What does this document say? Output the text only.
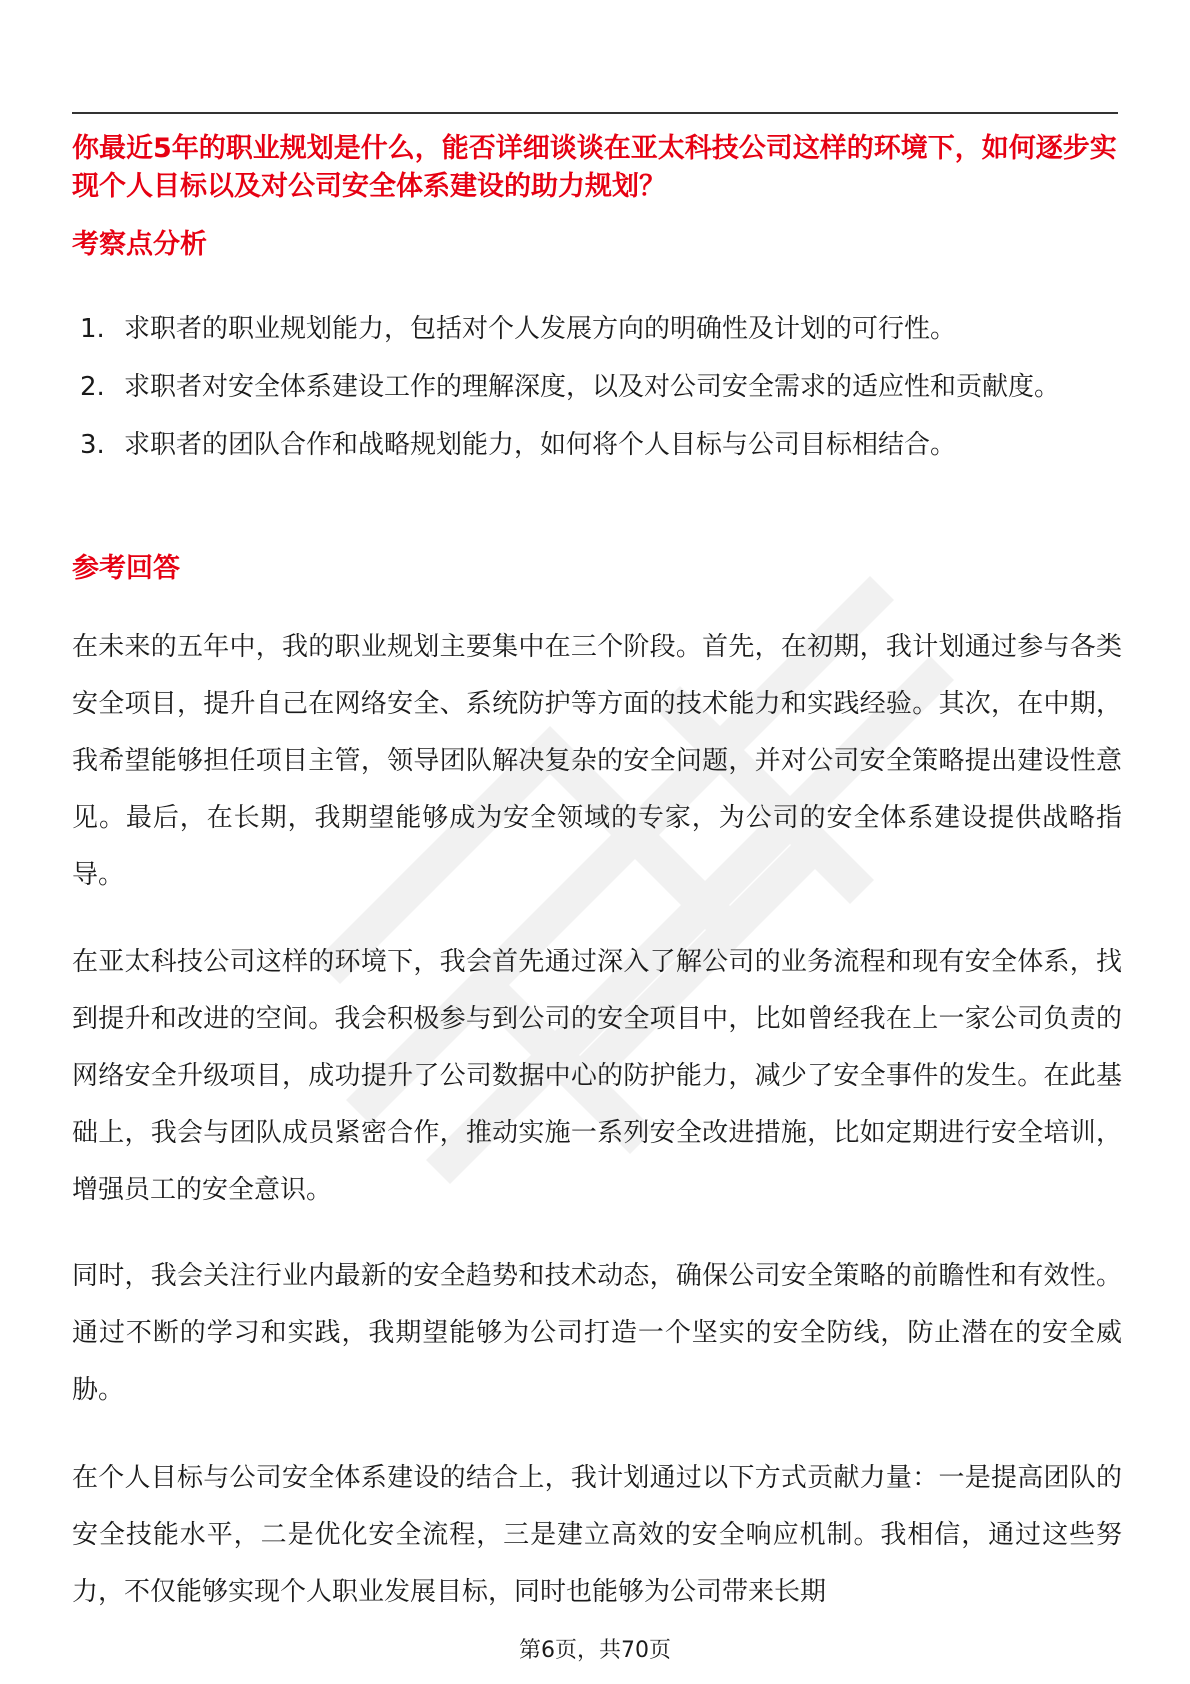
你最近5年的职业规划是什么，能否详细谈谈在亚太科技公司这样的环境下，如何逐步实现个人目标以及对公司安全体系建设的助力规划？
考察点分析
1. 求职者的职业规划能力，包括对个人发展方向的明确性及计划的可行性。
2. 求职者对安全体系建设工作的理解深度，以及对公司安全需求的适应性和贡献度。
3. 求职者的团队合作和战略规划能力，如何将个人目标与公司目标相结合。
参考回答

在未来的五年中，我的职业规划主要集中在三个阶段。首先，在初期，我计划通过参与各类安全项目，提升自己在网络安全、系统防护等方面的技术能力和实践经验。其次，在中期，我希望能够担任项目主管，领导团队解决复杂的安全问题，并对公司安全策略提出建设性意见。最后，在长期，我期望能够成为安全领域的专家，为公司的安全体系建设提供战略指导。

在亚太科技公司这样的环境下，我会首先通过深入了解公司的业务流程和现有安全体系，找到提升和改进的空间。我会积极参与到公司的安全项目中，比如曾经我在上一家公司负责的网络安全升级项目，成功提升了公司数据中心的防护能力，减少了安全事件的发生。在此基础上，我会与团队成员紧密合作，推动实施一系列安全改进措施，比如定期进行安全培训，增强员工的安全意识。

同时，我会关注行业内最新的安全趋势和技术动态，确保公司安全策略的前瞻性和有效性。通过不断的学习和实践，我期望能够为公司打造一个坚实的安全防线，防止潜在的安全威胁。

在个人目标与公司安全体系建设的结合上，我计划通过以下方式贡献力量：一是提高团队的安全技能水平，二是优化安全流程，三是建立高效的安全响应机制。我相信，通过这些努力，不仅能够实现个人职业发展目标，同时也能够为公司带来长期

第6页，共70页
